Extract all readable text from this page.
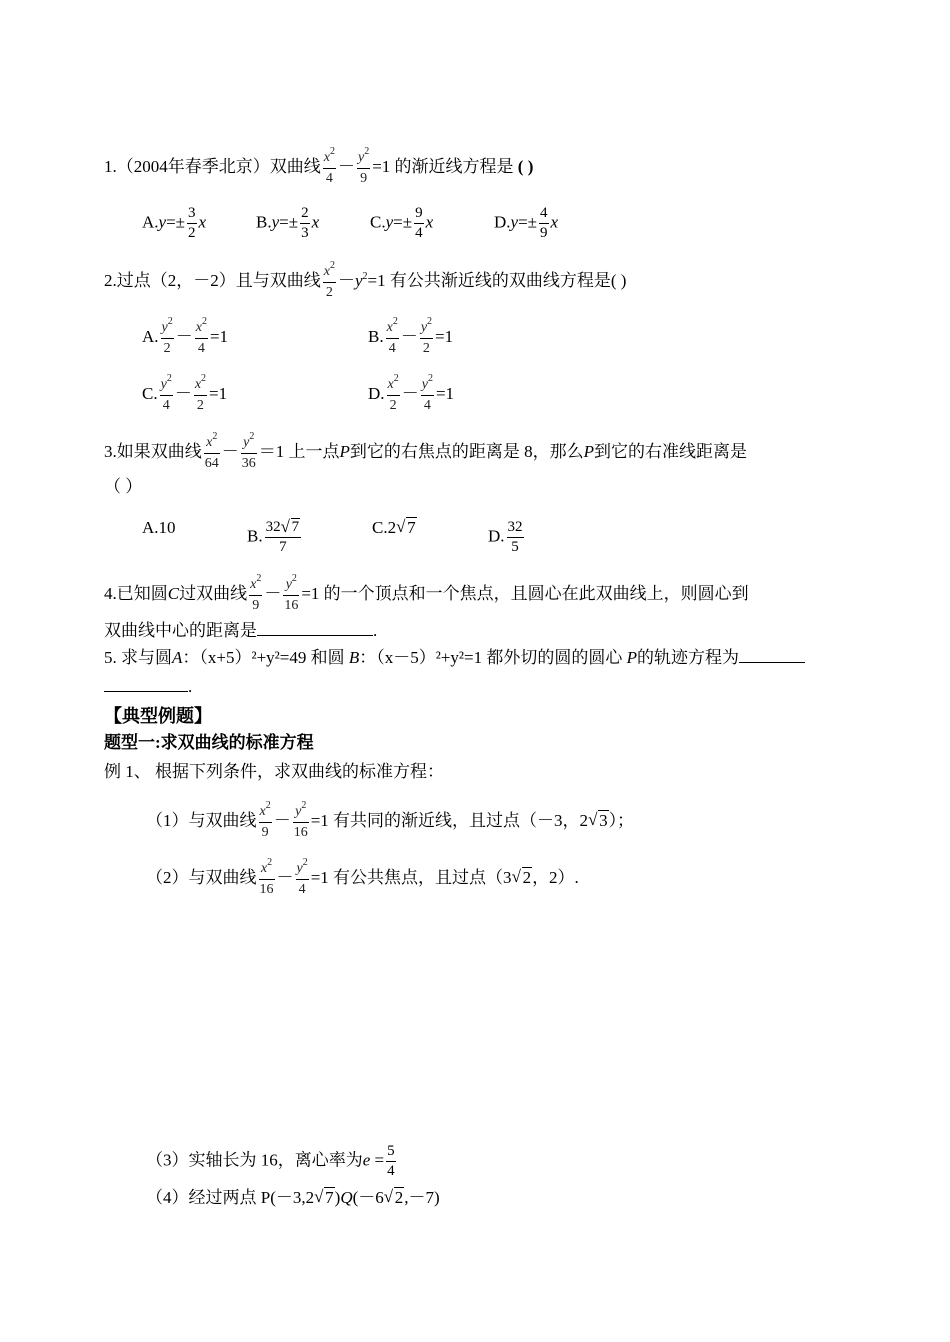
1.（2004年春季北京）双曲线 $\frac{x^2}{4} - \frac{y^2}{9} =1$ 的渐近线方程是 ( )
$A.y=\pm \frac{3}{2}$ x	$B.y=\pm \frac{2}{3}$ x	$C.y=\pm \frac{9}{4}$ x	$D.y=\pm \frac{4}{9}$ x
2.过点（2，－2）且与双曲线 $\frac{x^2}{2} -y^2=1$ 有公共渐近线的双曲线方程是( )
A. $\frac{y^2}{2} - \frac{x^2}{4} =1$	B. $\frac{x^2}{4} - \frac{y^2}{2} =1$
C. $\frac{y^2}{4} - \frac{x^2}{2} =1$	D. $\frac{x^2}{2} - \frac{y^2}{4} =1$
3.如果双曲线 $\frac{x^2}{64} - \frac{y^2}{36} =1$ 上一点P到它的右焦点的距离是 8，那么P到它的右准线距离是
（ ）
A.10	B. $\frac{32 √ 7}{7}$	C.2 √ 7	D. $\frac{32}{5}$
4.已知圆C过双曲线 $\frac{x^2}{9} - \frac{y^2}{16} =1$ 的一个顶点和一个焦点，且圆心在此双曲线上，则圆心到
双曲线中心的距离是	.
5. 求与圆A：（x+5）²+y²=49 和圆 B：（x－5）²+y²=1 都外切的圆的圆心 P的轨迹方程为
.
【典型例题】
题型一:求双曲线的标准方程
例 1、 根据下列条件，求双曲线的标准方程：
（1）与双曲线 $\frac{x^2}{9} - \frac{y^2}{16} =1$ 有共同的渐近线，且过点（－3，2 √ 3）；
（2）与双曲线 $\frac{x^2}{16} - \frac{y^2}{4} =1$ 有公共焦点，且过点（3 √ 2，2）.
（3）实轴长为 16，离心率为$e = \frac{5}{4}$
（4）经过两点 P(－3,2 √ 7)Q(－6 √ 2,－7)
